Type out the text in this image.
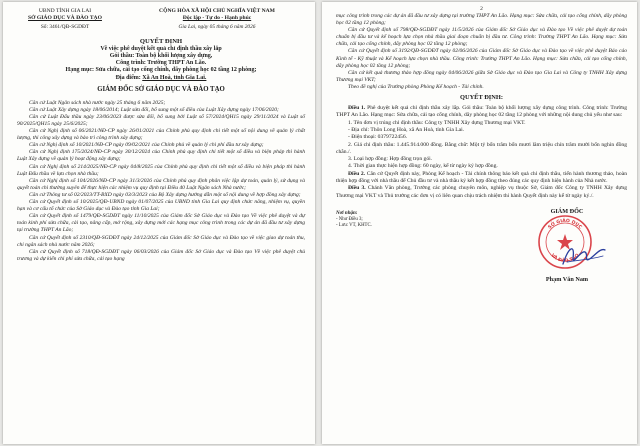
UBND TỈNH GIA LAI
SỞ GIÁO DỤC VÀ ĐÀO TẠO
CỘNG HÒA XÃ HỘI CHỦ NGHĨA VIỆT NAM
Độc lập - Tự do - Hạnh phúc
Số: 3461/QĐ-SGDĐT	Gia Lai, ngày 05 tháng 6 năm 2026
QUYẾT ĐỊNH
Về việc phê duyệt kết quả chỉ định thầu xây lắp
Gói thầu: Toàn bộ khối lượng xây dựng,
Công trình: Trường THPT An Lão.
Hạng mục: Sửa chữa, cải tạo cổng chính, dãy phòng học 02 tầng 12 phòng;
Địa điểm: Xã An Hoà, tỉnh Gia Lai.
GIÁM ĐỐC SỞ GIÁO DỤC VÀ ĐÀO TẠO

Căn cứ Luật Ngân sách nhà nước ngày 25 tháng 6 năm 2025;

Căn cứ Luật Xây dựng ngày 18/06/2014; Luật sửa đổi, bổ sung một số điều của Luật Xây dựng ngày 17/06/2020;

Căn cứ Luật Đấu thầu ngày 23/06/2023 được sửa đổi, bổ sung bởi Luật số 57/2024/QH15 ngày 29/11/2024 và Luật số 90/2025/QH15 ngày 25/6/2025;

Căn cứ Nghị định số 06/2021/NĐ-CP ngày 26/01/2021 của Chính phủ quy định chi tiết một số nội dung về quản lý chất lượng, thi công xây dựng và bảo trì công trình xây dựng;

Căn cứ Nghị định số 10/2021/NĐ-CP ngày 09/02/2021 của Chính phủ về quản lý chi phí đầu tư xây dựng;

Căn cứ Nghị định 175/2024/NĐ-CP ngày 30/12/2024 của Chính phủ quy định chi tiết một số điều và biện pháp thi hành Luật Xây dựng về quản lý hoạt động xây dựng;

Căn cứ Nghị định số 214/2025/NĐ-CP ngày 04/8/2025 của Chính phủ quy định chi tiết một số điều và biện pháp thi hành Luật Đấu thầu về lựa chọn nhà thầu;

Căn cứ Nghị định số 104/2026/NĐ-CP ngày 31/3/2026 của Chính phủ quy định phân việc lập dự toán, quản lý, sử dụng và quyết toán chi thường xuyên để thực hiện các nhiệm vụ quy định tại Điều 40 Luật Ngân sách Nhà nước;

Căn cứ Thông tư số 02/2023/TT-BXD ngày 03/3/2023 của Bộ Xây dựng hướng dẫn một số nội dung về hợp đồng xây dựng;

Căn cứ Quyết định số 10/2025/QĐ-UBND ngày 01/07/2025 của UBND tỉnh Gia Lai quy định chức năng, nhiệm vụ, quyền hạn và cơ cấu tổ chức của Sở Giáo dục và Đào tạo tỉnh Gia Lai;

Căn cứ Quyết định số 1479/QĐ-SGDĐT ngày 11/10/2025 của Giám đốc Sở Giáo dục và Đào tạo Về việc phê duyệt và dự toán kinh phí sửa chữa, cải tạo, nâng cấp, mở rộng, xây dựng mới các hạng mục công trình trong các dự án đã đầu tư xây dựng tại trường THPT An Lão;

Căn cứ Quyết định số 2310/QĐ-SGDĐT ngày 24/12/2025 của Giám đốc Sở Giáo dục và Đào tạo về việc giao dự toán thu, chi ngân sách nhà nước năm 2026;

Căn cứ Quyết định số 718/QĐ-SGDĐT ngày 06/03/2026 của Giám đốc Sở Giáo dục và Đào tạo Về việc phê duyệt chủ trương và dự kiến chi phí sửa chữa, cải tạo hạng

2

mục công trình trong các dự án đã đầu tư xây dựng tại trường THPT An Lão. Hạng mục: Sửa chữa, cải tạo cổng chính, dãy phòng học 02 tầng 12 phòng;

Căn cứ Quyết định số 798/QĐ-SGDĐT ngày 11/5/2026 của Giám đốc Sở Giáo dục và Đào tạo Về việc phê duyệt dự toán chuẩn bị đầu tư và kế hoạch lựa chọn nhà thầu giai đoạn chuẩn bị đầu tư. Công trình: Trường THPT An Lão. Hạng mục: Sửa chữa, cải tạo cổng chính, dãy phòng học 02 tầng 12 phòng;

Căn cứ Quyết định số 3192/QĐ-SGDĐT ngày 02/06/2026 của Giám đốc Sở Giáo dục và Đào tạo về việc phê duyệt Báo cáo Kinh tế - Kỹ thuật và Kế hoạch lựa chọn nhà thầu. Công trình: Trường THPT An Lão. Hạng mục: Sửa chữa, cải tạo cổng chính, dãy phòng học 02 tầng 12 phòng;

Căn cứ kết quả thương thảo hợp đồng ngày 04/06/2026 giữa Sở Giáo dục và Đào tạo Gia Lai và Công ty TNHH Xây dựng Thương mại VKT;

Theo đề nghị của Trưởng phòng Phòng Kế hoạch - Tài chính.

QUYẾT ĐỊNH:

Điều 1. Phê duyệt kết quả chỉ định thầu xây lắp. Gói thầu: Toàn bộ khối lượng xây dựng công trình. Công trình: Trường THPT An Lão. Hạng mục: Sửa chữa, cải tạo cổng chính, dãy phòng học 02 tầng 12 phòng với những nội dung chủ yếu như sau:

1. Tên đơn vị trúng chỉ định thầu: Công ty TNHH Xây dựng Thương mại VKT.

- Địa chỉ: Thôn Long Hoà, xã An Hoà, tỉnh Gia Lai.

- Điện thoại: 0379722456.

2. Giá chỉ định thầu: 1.445.914.000 đồng. Bằng chữ: Một tỷ bốn trăm bốn mươi lăm triệu chín trăm mười bốn nghìn đồng chẵn./.

3. Loại hợp đồng: Hợp đồng trọn gói.

4. Thời gian thực hiện hợp đồng: 60 ngày, kể từ ngày ký hợp đồng.

Điều 2. Căn cứ Quyết định này, Phòng Kế hoạch - Tài chính thông báo kết quả chỉ định thầu, tiến hành thương thảo, hoàn thiện hợp đồng với nhà thầu để Chủ đầu tư và nhà thầu ký kết hợp đồng theo đúng các quy định hiện hành của Nhà nước.

Điều 3. Chánh Văn phòng, Trưởng các phòng chuyên môn, nghiệp vụ thuộc Sở, Giám đốc Công ty TNHH Xây dựng Thương mại VKT và Thủ trưởng các đơn vị có liên quan chịu trách nhiệm thi hành Quyết định này kể từ ngày ký./.

Nơi nhận:
- Như Điều 3;
- Lưu: VT, KHTC.
GIÁM ĐỐC
SỞ GIÁO DỤC
VÀ ĐÀO TẠO
Phạm Văn Nam
